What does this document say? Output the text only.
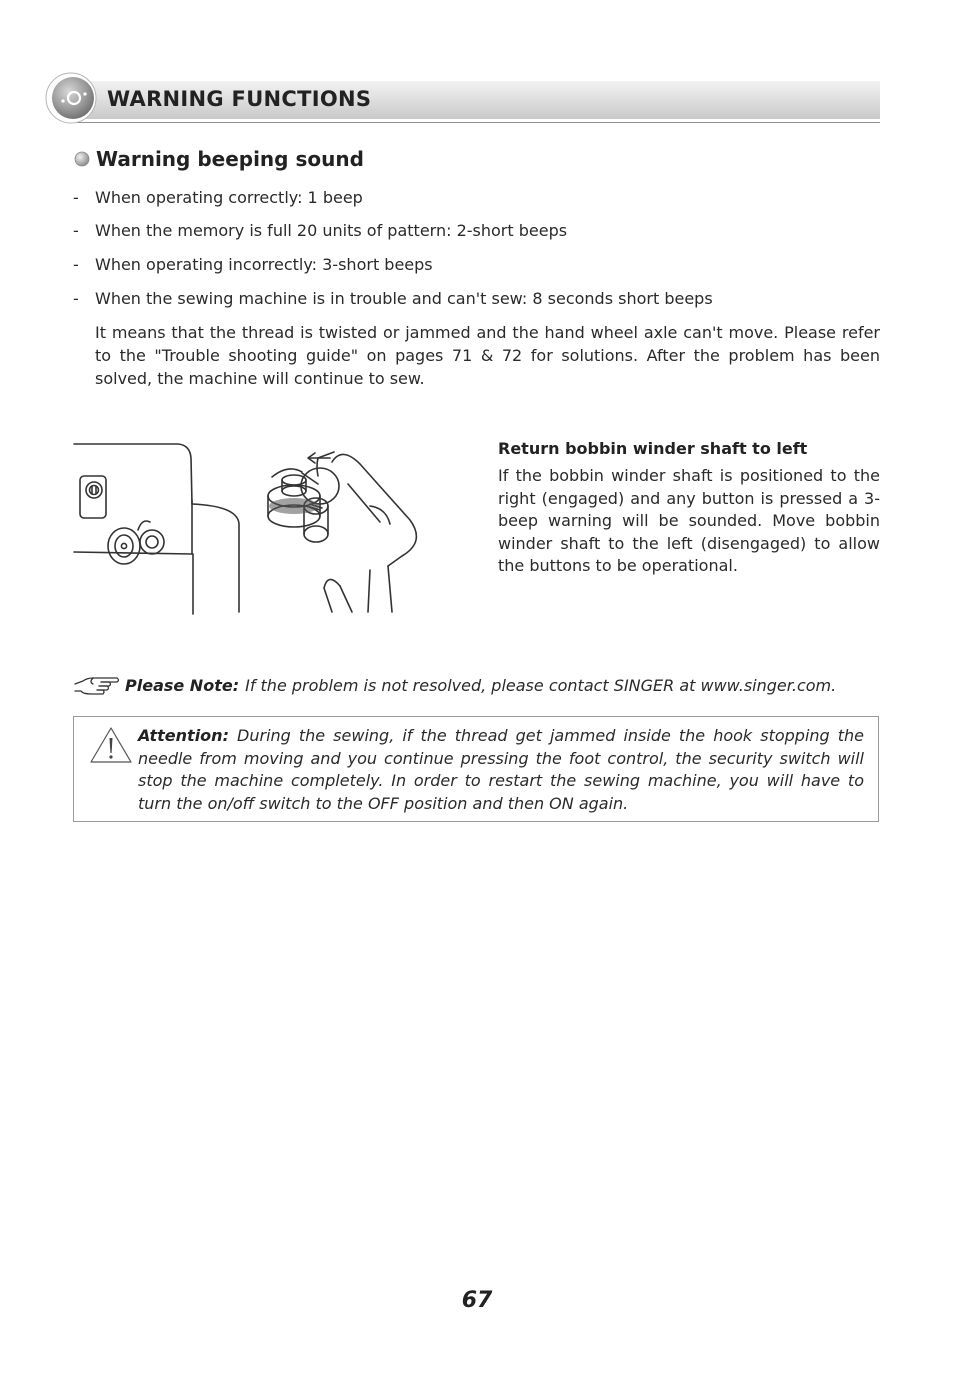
WARNING FUNCTIONS
Warning beeping sound
- When operating correctly: 1 beep
- When the memory is full 20 units of pattern: 2-short beeps
- When operating incorrectly: 3-short beeps
- When the sewing machine is in trouble and can't sew: 8 seconds short beeps
It means that the thread is twisted or jammed and the hand wheel axle can't move. Please refer to the "Trouble shooting guide" on pages 71 & 72 for solutions. After the problem has been solved, the machine will continue to sew.
Return bobbin winder shaft to left
If the bobbin winder shaft is positioned to the right (engaged) and any button is pressed a 3-beep warning will be sounded. Move bobbin winder shaft to the left (disengaged) to allow the buttons to be operational.
Please Note: If the problem is not resolved, please contact SINGER at www.singer.com.
Attention: During the sewing, if the thread get jammed inside the hook stopping the needle from moving and you continue pressing the foot control, the security switch will stop the machine completely. In order to restart the sewing machine, you will have to turn the on/off switch to the OFF position and then ON again.
67
